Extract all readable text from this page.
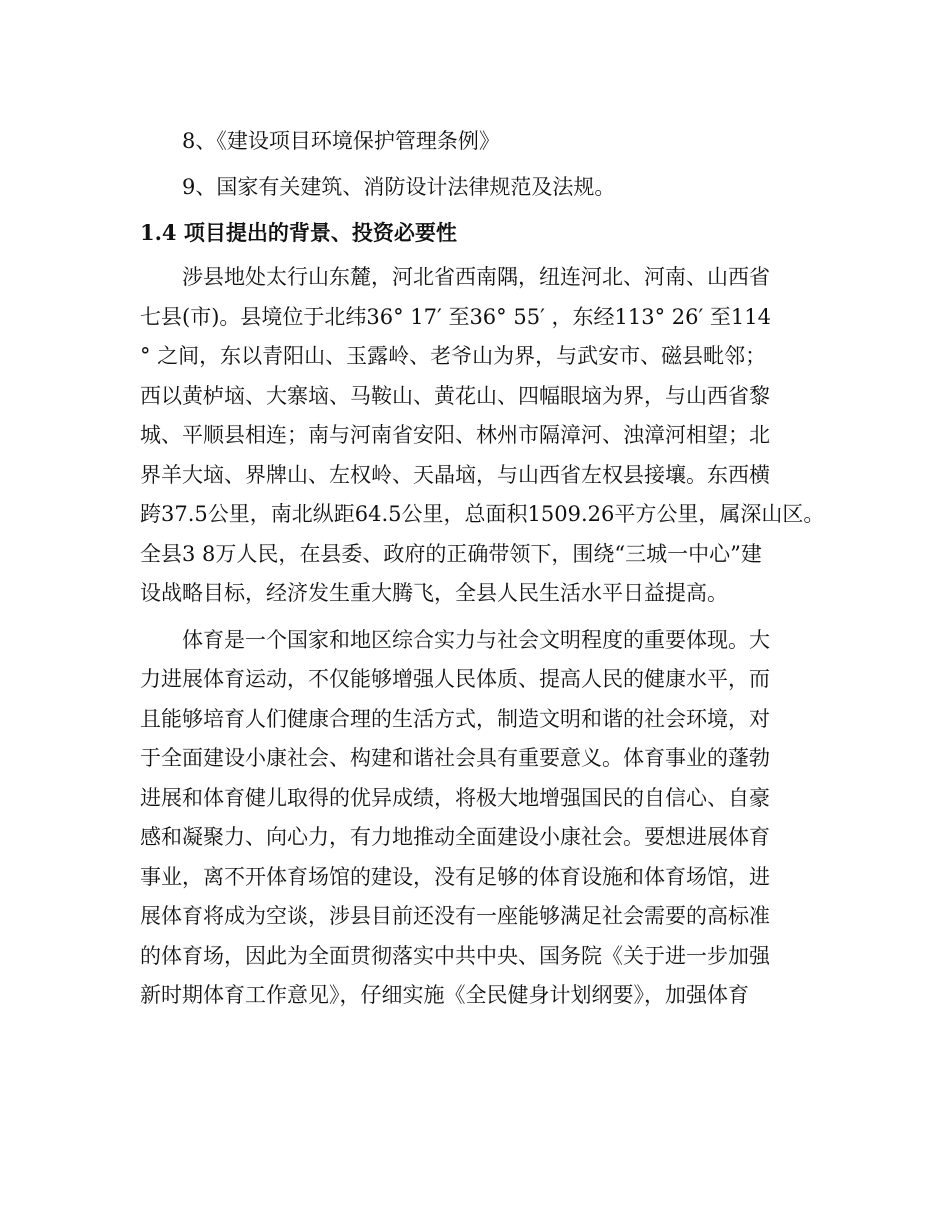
8、《建设项目环境保护管理条例》
9、国家有关建筑、消防设计法律规范及法规。
1.4 项目提出的背景、投资必要性
涉县地处太行山东麓，河北省西南隅，纽连河北、河南、山西省
七县(市)。县境位于北纬36° 17′ 至36° 55′ ，东经113° 26′ 至114
° 之间，东以青阳山、玉露岭、老爷山为界，与武安市、磁县毗邻；
西以黄栌垴、大寨垴、马鞍山、黄花山、四幅眼垴为界，与山西省黎
城、平顺县相连；南与河南省安阳、林州市隔漳河、浊漳河相望；北
界羊大垴、界牌山、左权岭、天晶垴，与山西省左权县接壤。东西横
跨37.5公里，南北纵距64.5公里，总面积1509.26平方公里，属深山区。
全县3 8万人民，在县委、政府的正确带领下，围绕“三城一中心”建
设战略目标，经济发生重大腾飞，全县人民生活水平日益提高。
体育是一个国家和地区综合实力与社会文明程度的重要体现。大
力进展体育运动，不仅能够增强人民体质、提高人民的健康水平，而
且能够培育人们健康合理的生活方式，制造文明和谐的社会环境，对
于全面建设小康社会、构建和谐社会具有重要意义。体育事业的蓬勃
进展和体育健儿取得的优异成绩，将极大地增强国民的自信心、自豪
感和凝聚力、向心力，有力地推动全面建设小康社会。要想进展体育
事业，离不开体育场馆的建设，没有足够的体育设施和体育场馆，进
展体育将成为空谈，涉县目前还没有一座能够满足社会需要的高标准
的体育场，因此为全面贯彻落实中共中央、国务院《关于进一步加强
新时期体育工作意见》，仔细实施《全民健身计划纲要》，加强体育
